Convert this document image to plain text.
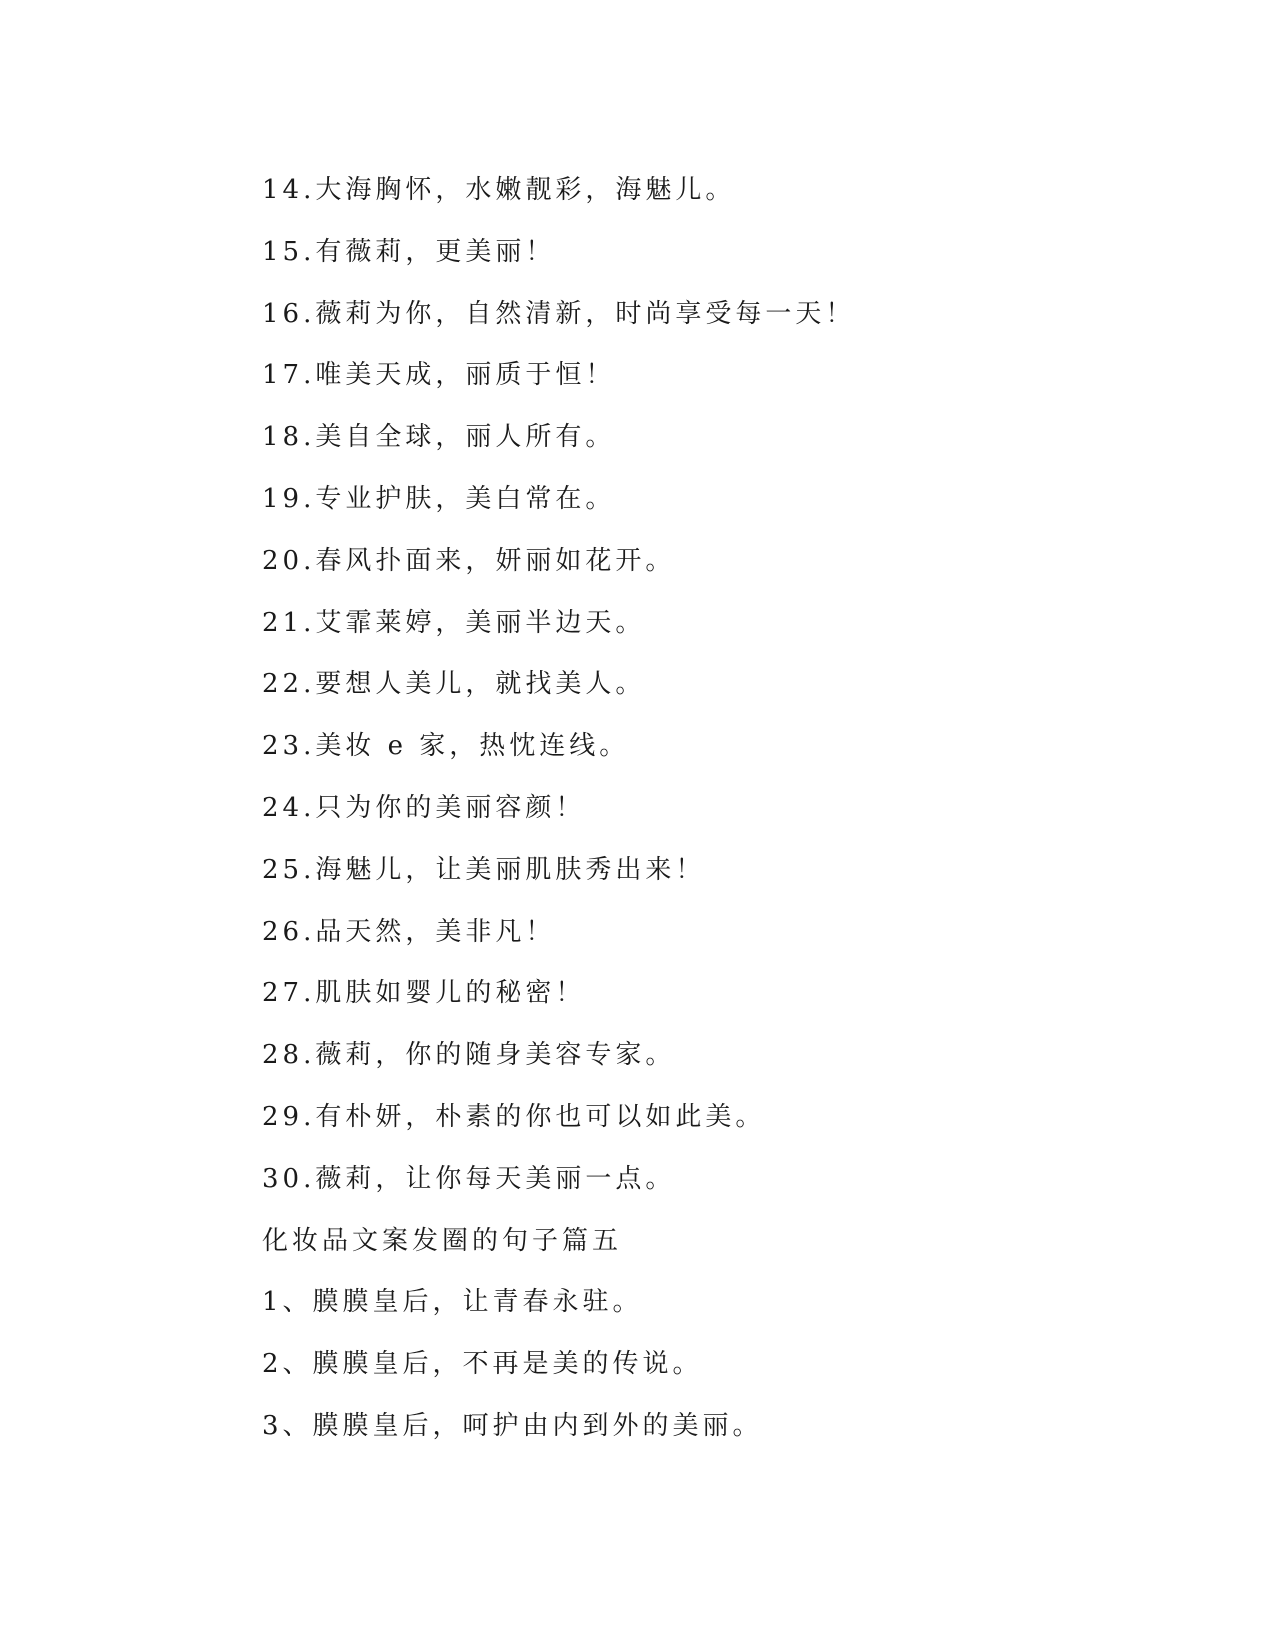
14.大海胸怀，水嫩靓彩，海魅儿。
15.有薇莉，更美丽！
16.薇莉为你，自然清新，时尚享受每一天！
17.唯美天成，丽质于恒！
18.美自全球，丽人所有。
19.专业护肤，美白常在。
20.春风扑面来，妍丽如花开。
21.艾霏莱婷，美丽半边天。
22.要想人美儿，就找美人。
23.美妆 e 家，热忱连线。
24.只为你的美丽容颜！
25.海魅儿，让美丽肌肤秀出来！
26.品天然，美非凡！
27.肌肤如婴儿的秘密！
28.薇莉，你的随身美容专家。
29.有朴妍，朴素的你也可以如此美。
30.薇莉，让你每天美丽一点。
化妆品文案发圈的句子篇五
1、膜膜皇后，让青春永驻。
2、膜膜皇后，不再是美的传说。
3、膜膜皇后，呵护由内到外的美丽。
